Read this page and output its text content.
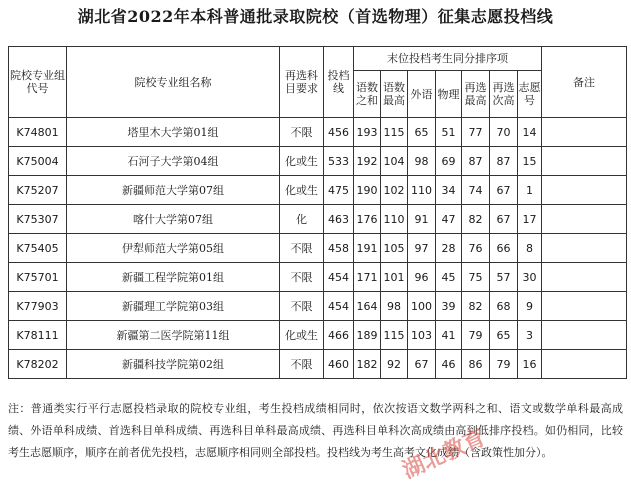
湖北省2022年本科普通批录取院校（首选物理）征集志愿投档线
院校专业组代号	院校专业组名称	再选科目要求	投档线	末位投档考生同分排序项							备注
				语数之和	语数最高	外语	物理	再选最高	再选次高	志愿号	
K74801	塔里木大学第01组	不限	456	193	115	65	51	77	70	14	
K75004	石河子大学第04组	化或生	533	192	104	98	69	87	87	15	
K75207	新疆师范大学第07组	化或生	475	190	102	110	34	74	67	1	
K75307	喀什大学第07组	化	463	176	110	91	47	82	67	17	
K75405	伊犁师范大学第05组	不限	458	191	105	97	28	76	66	8	
K75701	新疆工程学院第01组	不限	454	171	101	96	45	75	57	30	
K77903	新疆理工学院第03组	不限	454	164	98	100	39	82	68	9	
K78111	新疆第二医学院第11组	化或生	466	189	115	103	41	79	65	3	
K78202	新疆科技学院第02组	不限	460	182	92	67	46	86	79	16	
注：普通类实行平行志愿投档录取的院校专业组，考生投档成绩相同时，依次按语文数学两科之和、语文或数学单科最高成绩、外语单科成绩、首选科目单科成绩、再选科目单科最高成绩、再选科目单科次高成绩由高到低排序投档。如仍相同，比较考生志愿顺序，顺序在前者优先投档，志愿顺序相同则全部投档。投档线为考生高考文化成绩（含政策性加分）。
湖北教育
